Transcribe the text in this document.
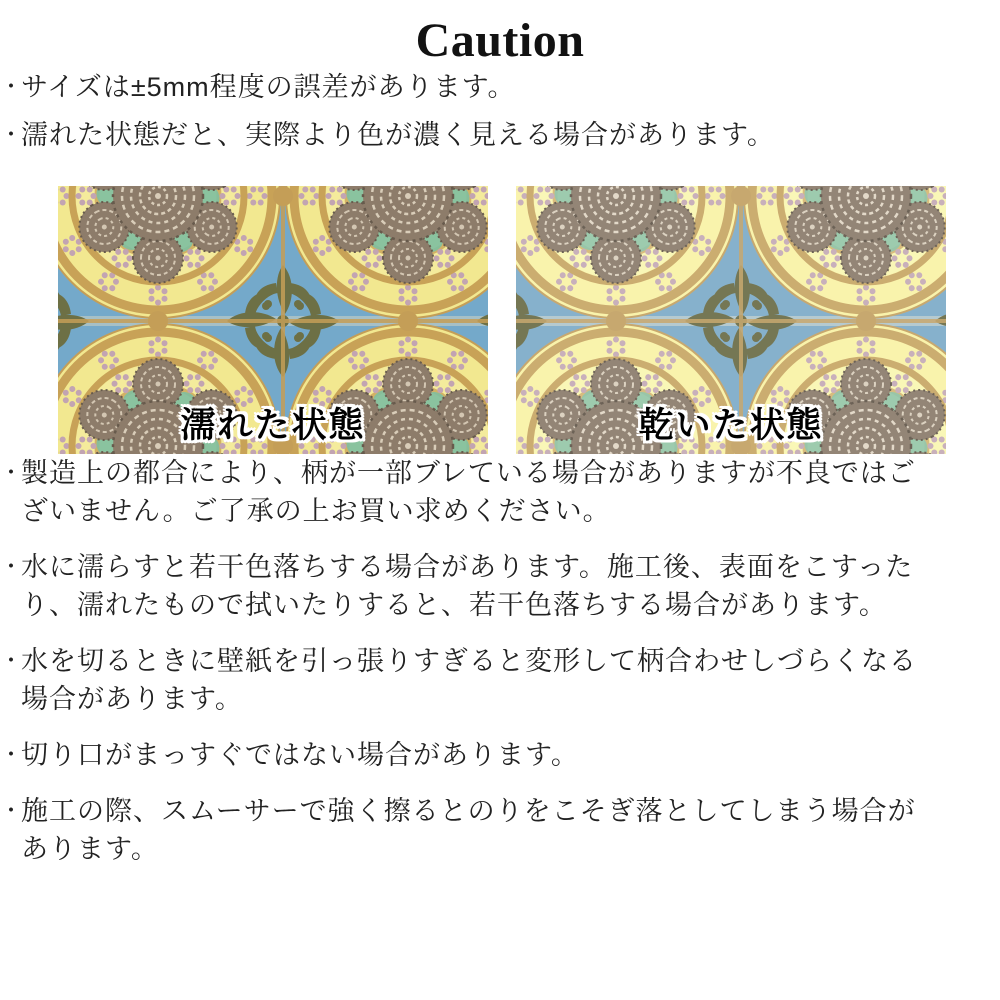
Caution
・
サイズは±5mm程度の誤差があります。
・
濡れた状態だと、実際より色が濃く見える場合があります。
濡れた状態	乾いた状態
・
製造上の都合により、柄が一部ブレている場合がありますが不良ではございません。ご了承の上お買い求めください。
・
水に濡らすと若干色落ちする場合があります。施工後、表面をこすったり、濡れたもので拭いたりすると、若干色落ちする場合があります。
・
水を切るときに壁紙を引っ張りすぎると変形して柄合わせしづらくなる場合があります。
・
切り口がまっすぐではない場合があります。
・
施工の際、スムーサーで強く擦るとのりをこそぎ落としてしまう場合があります。
